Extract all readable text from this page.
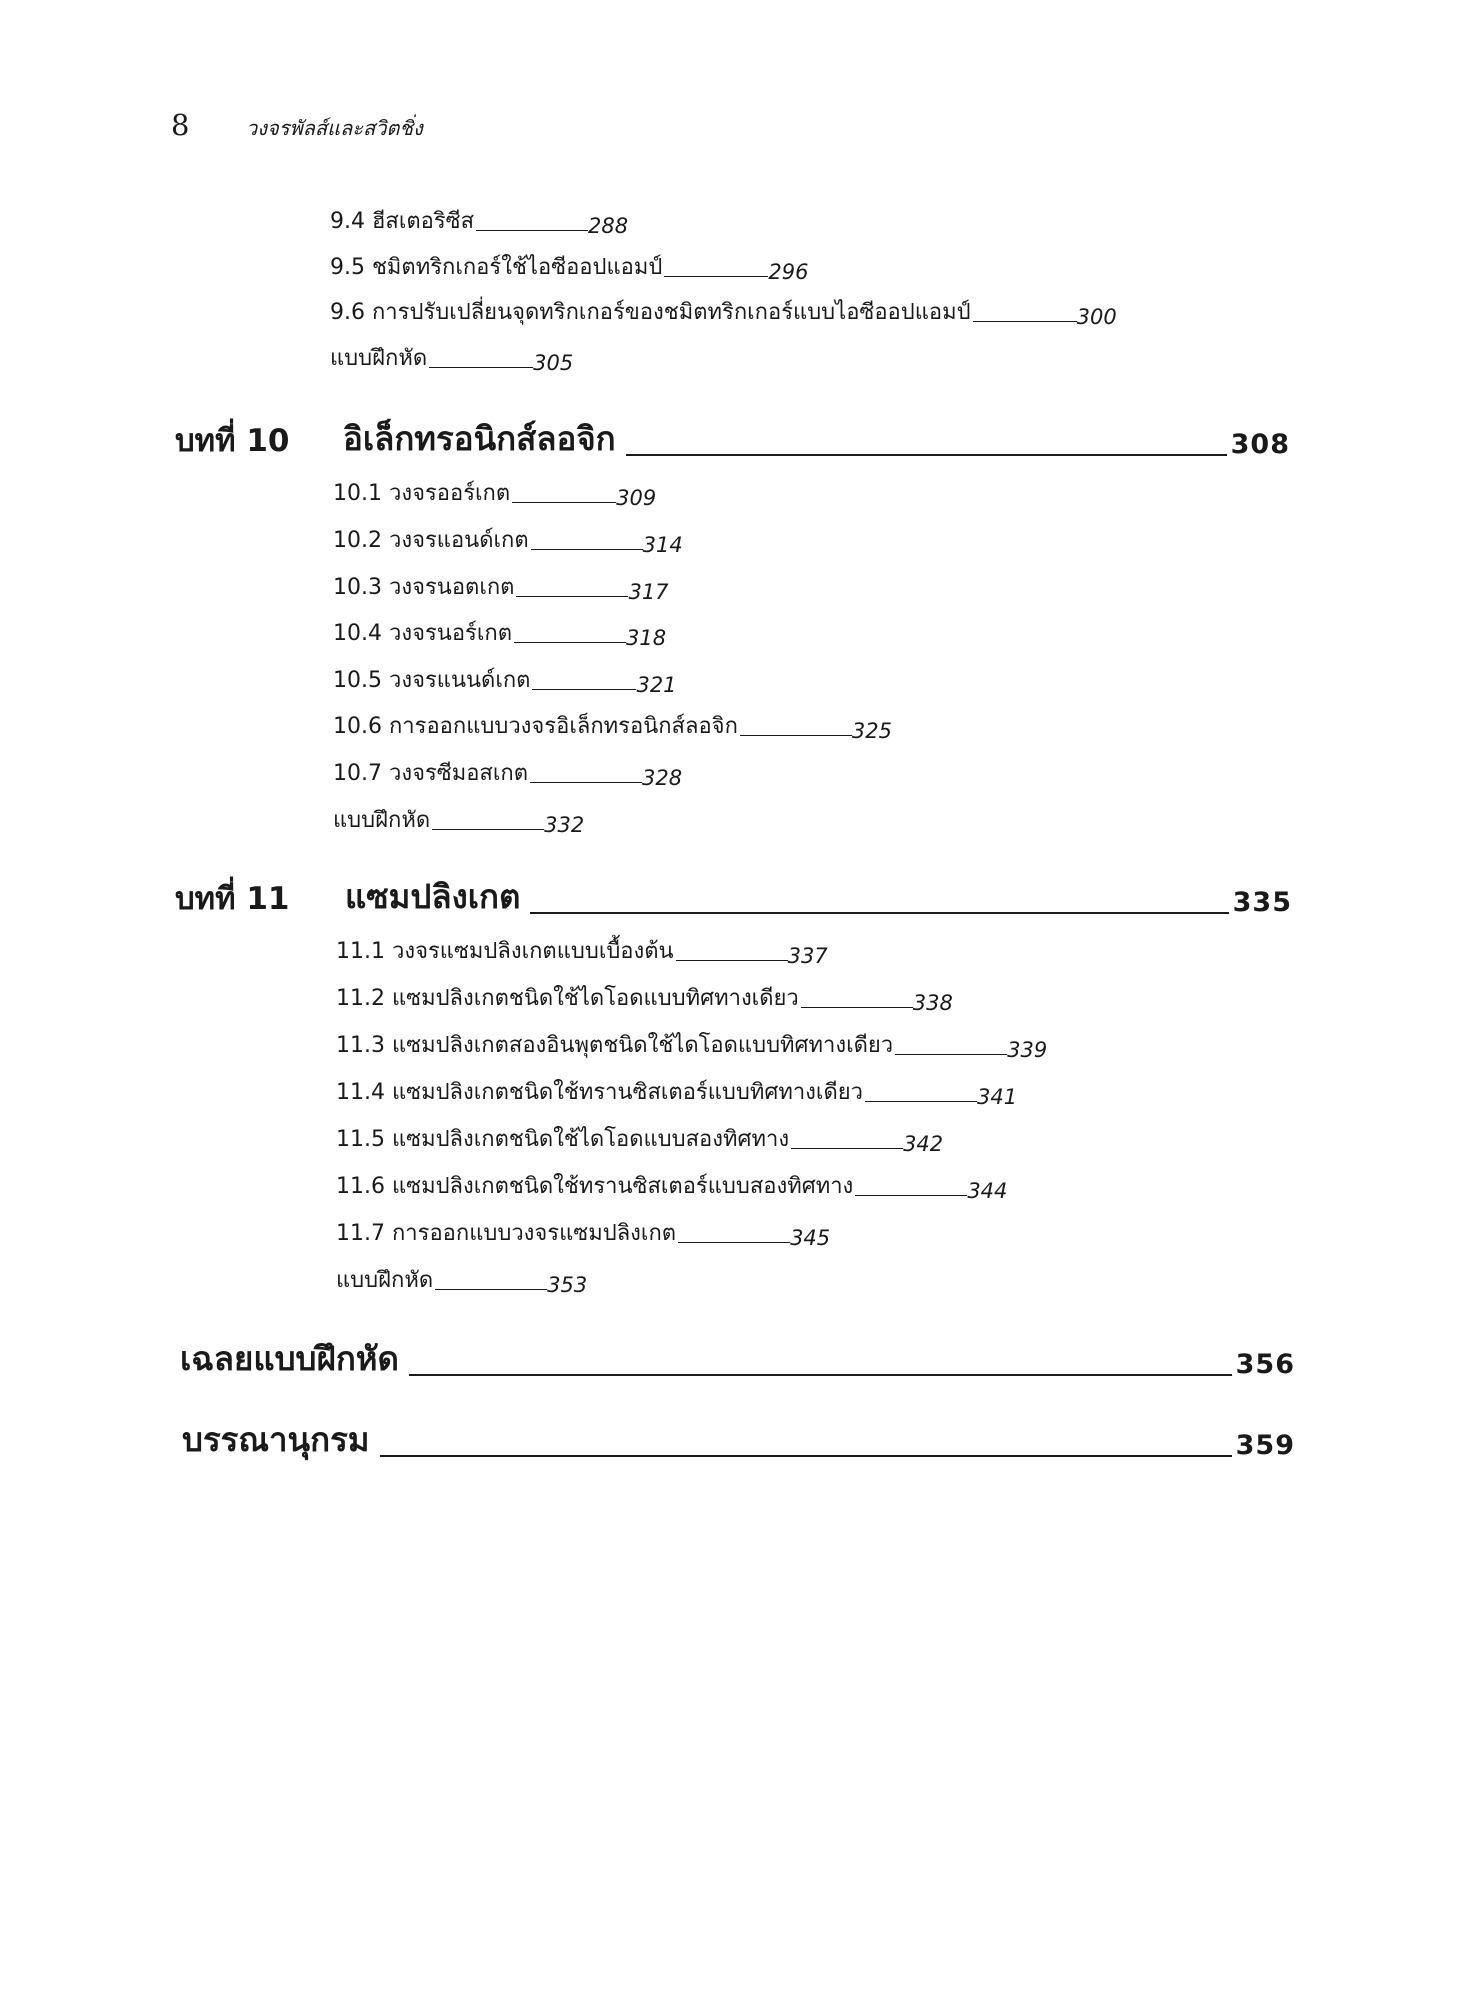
8	วงจรพัลส์และสวิตชิ่ง
9.4 ฮีสเตอริซีส	288
9.5 ชมิตทริกเกอร์ใช้ไอซีออปแอมป์	296
9.6 การปรับเปลี่ยนจุดทริกเกอร์ของชมิตทริกเกอร์แบบไอซีออปแอมป์	300
แบบฝึกหัด	305
บทที่ 10	อิเล็กทรอนิกส์ลอจิก	308
10.1 วงจรออร์เกต	309
10.2 วงจรแอนด์เกต	314
10.3 วงจรนอตเกต	317
10.4 วงจรนอร์เกต	318
10.5 วงจรแนนด์เกต	321
10.6 การออกแบบวงจรอิเล็กทรอนิกส์ลอจิก	325
10.7 วงจรซีมอสเกต	328
แบบฝึกหัด	332
บทที่ 11	แซมปลิงเกต	335
11.1 วงจรแซมปลิงเกตแบบเบื้องต้น	337
11.2 แซมปลิงเกตชนิดใช้ไดโอดแบบทิศทางเดียว	338
11.3 แซมปลิงเกตสองอินพุตชนิดใช้ไดโอดแบบทิศทางเดียว	339
11.4 แซมปลิงเกตชนิดใช้ทรานซิสเตอร์แบบทิศทางเดียว	341
11.5 แซมปลิงเกตชนิดใช้ไดโอดแบบสองทิศทาง	342
11.6 แซมปลิงเกตชนิดใช้ทรานซิสเตอร์แบบสองทิศทาง	344
11.7 การออกแบบวงจรแซมปลิงเกต	345
แบบฝึกหัด	353
เฉลยแบบฝึกหัด	356
บรรณานุกรม	359
